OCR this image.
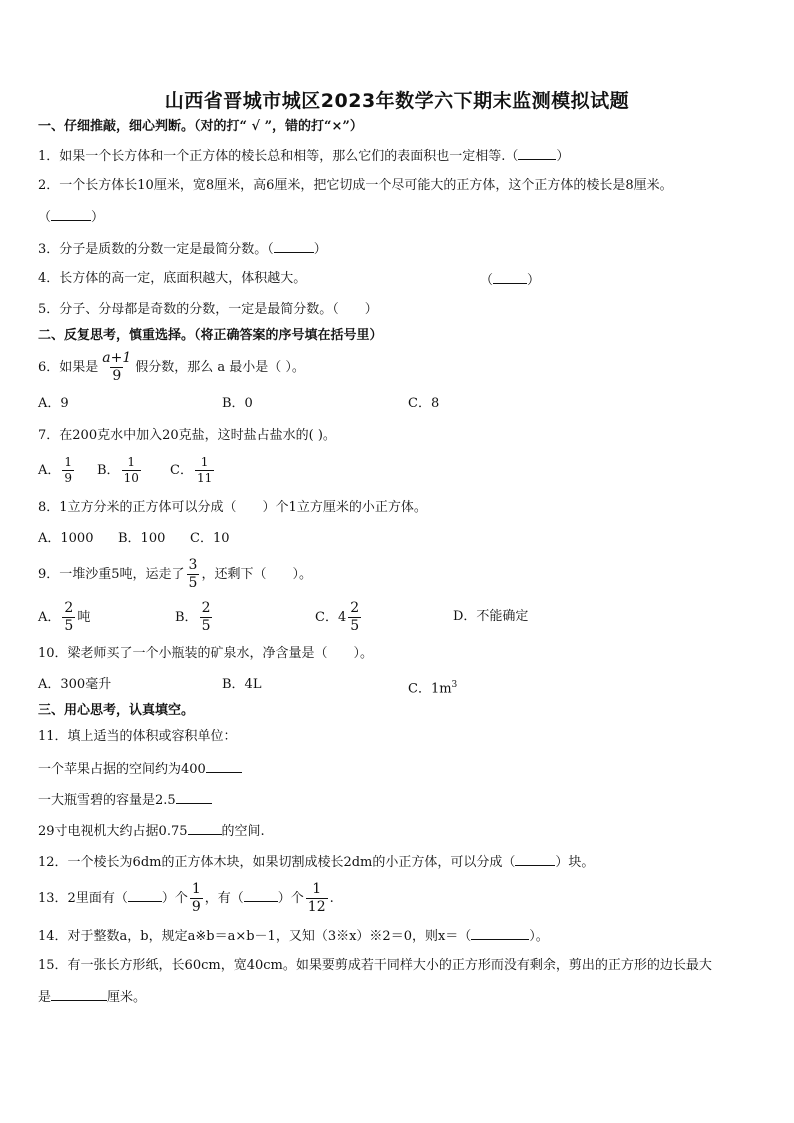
山西省晋城市城区2023年数学六下期末监测模拟试题
一、仔细推敲，细心判断。（对的打“ √ ”，错的打“×”）
1．如果一个长方体和一个正方体的棱长总和相等，那么它们的表面积也一定相等.（	）
2．一个长方体长10厘米，宽8厘米，高6厘米，把它切成一个尽可能大的正方体，这个正方体的棱长是8厘米。
（	）
3．分子是质数的分数一定是最简分数。（	）
4．长方体的高一定，底面积越大，体积越大。	（	）
5．分子、分母都是奇数的分数，一定是最简分数。（　　）
二、反复思考，慎重选择。（将正确答案的序号填在括号里）
6．如果是 $\frac{a+1}{9}$ 假分数，那么 a 最小是（ ）。
A．9	B．0	C．8
7．在200克水中加入20克盐，这时盐占盐水的( )。
A． $\frac{1}{9}$ B． $\frac{1}{10}$ C． $\frac{1}{11}$
8．1立方分米的正方体可以分成（　　）个1立方厘米的小正方体。
A．1000 B．100 C．10
9．一堆沙重5吨，运走了 $\frac{3}{5}$ ，还剩下（　　）。
A． $\frac{2}{5}$ 吨	B． $\frac{2}{5}$	C．$4 \frac{2}{5}$	D．不能确定
10．梁老师买了一个小瓶装的矿泉水，净含量是（　　）。
A．300毫升	B．4L	C．$1m^3$
三、用心思考，认真填空。
11．填上适当的体积或容积单位：
一个苹果占据的空间约为400
一大瓶雪碧的容量是2.5
29寸电视机大约占据0.75	的空间.
12．一个棱长为6dm的正方体木块，如果切割成棱长2dm的小正方体，可以分成（	）块。
13．2里面有（	）个 $\frac{1}{9}$ ，有（	）个 $\frac{1}{12}$ .
14．对于整数a，b，规定a※b＝a×b－1，又知（3※x）※2＝0，则x＝（	）。
15．有一张长方形纸，长60cm，宽40cm。如果要剪成若干同样大小的正方形而没有剩余，剪出的正方形的边长最大
是	厘米。
